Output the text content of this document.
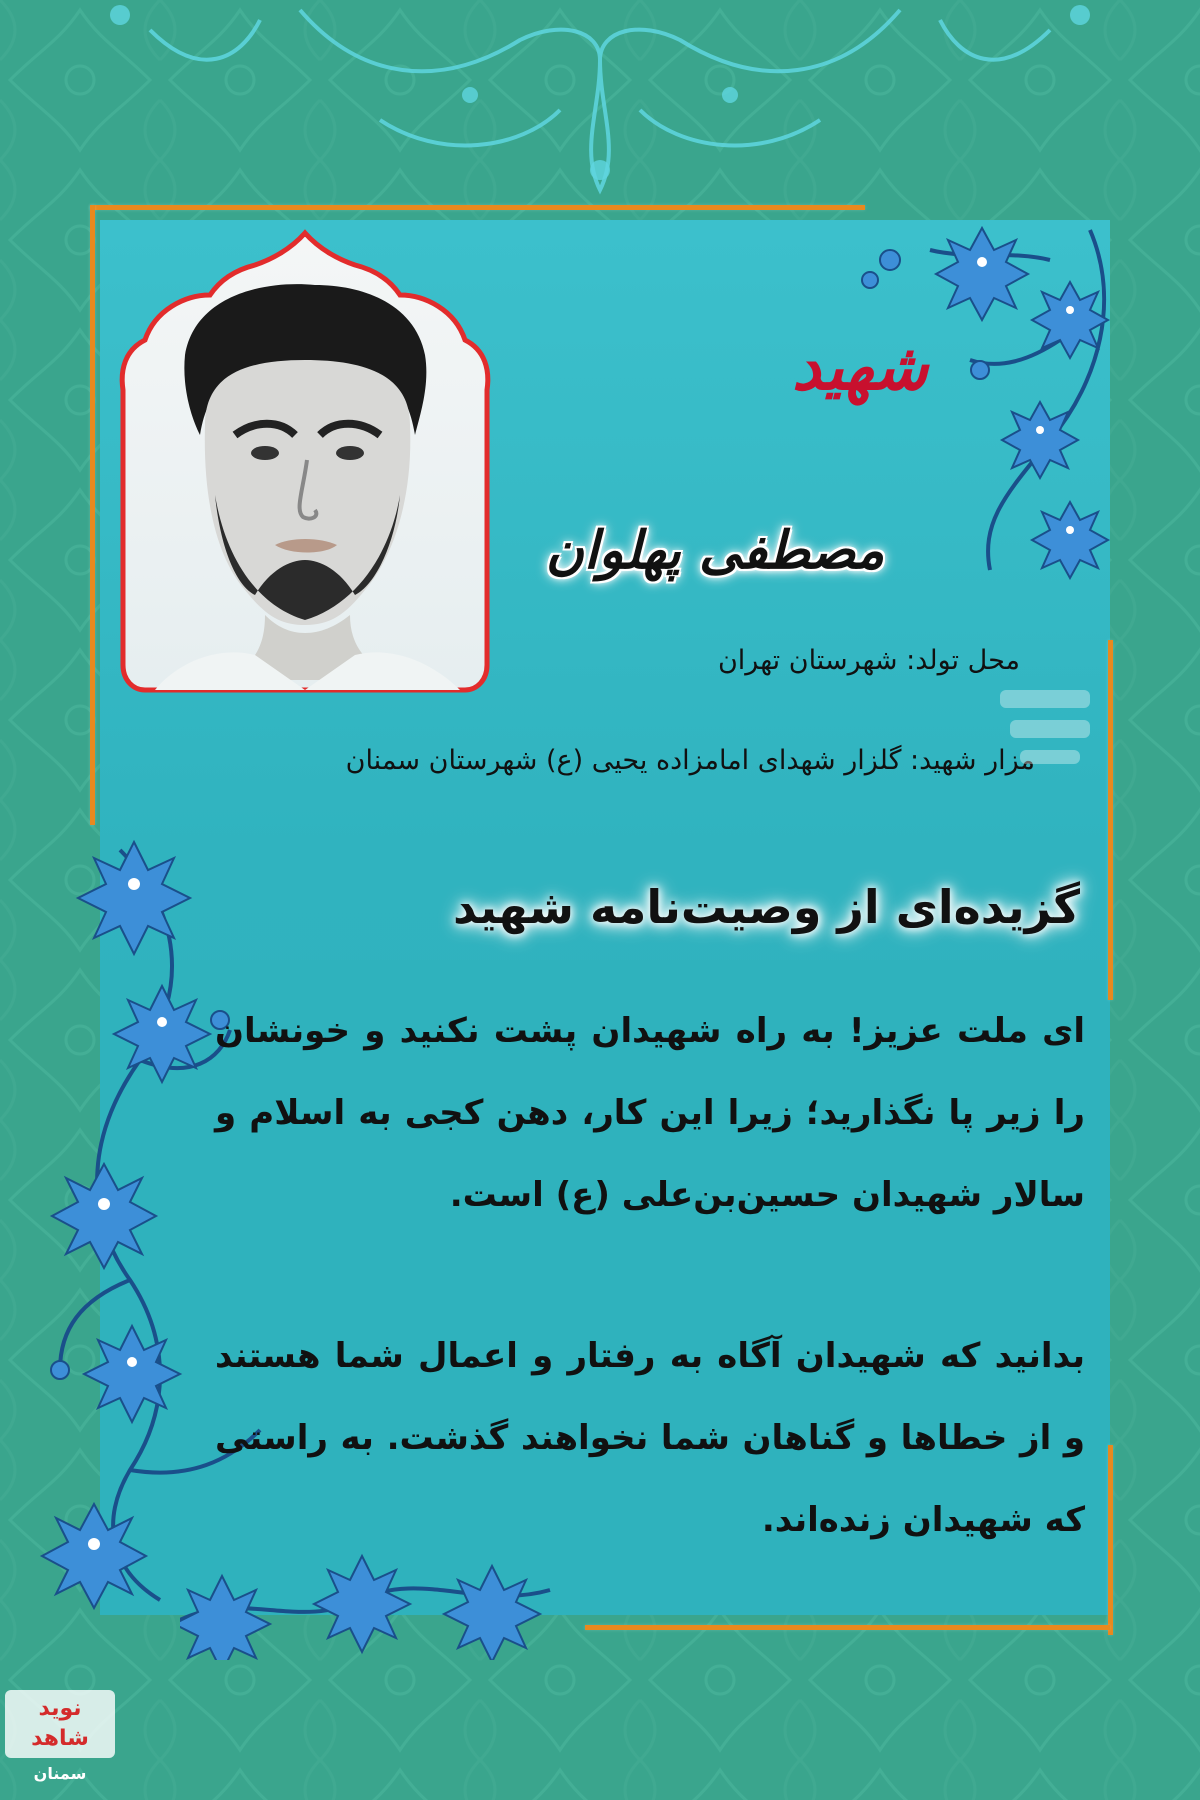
شهید
مصطفی پهلوان
محل تولد: شهرستان تهران
مزار شهید: گلزار شهدای امامزاده یحیی (ع) شهرستان سمنان
گزیده‌ای از وصیت‌نامه شهید
ای ملت عزیز! به راه شهیدان پشت نکنید و خونشان را زیر پا نگذارید؛ زیرا این کار، دهن کجی به اسلام و سالار شهیدان حسین‌بن‌علی (ع) است.
بدانید که شهیدان آگاه به رفتار و اعمال شما هستند و از خطاها و گناهان شما نخواهند گذشت. به راستی که شهیدان زنده‌اند.
نوید شاهد
سمنان
